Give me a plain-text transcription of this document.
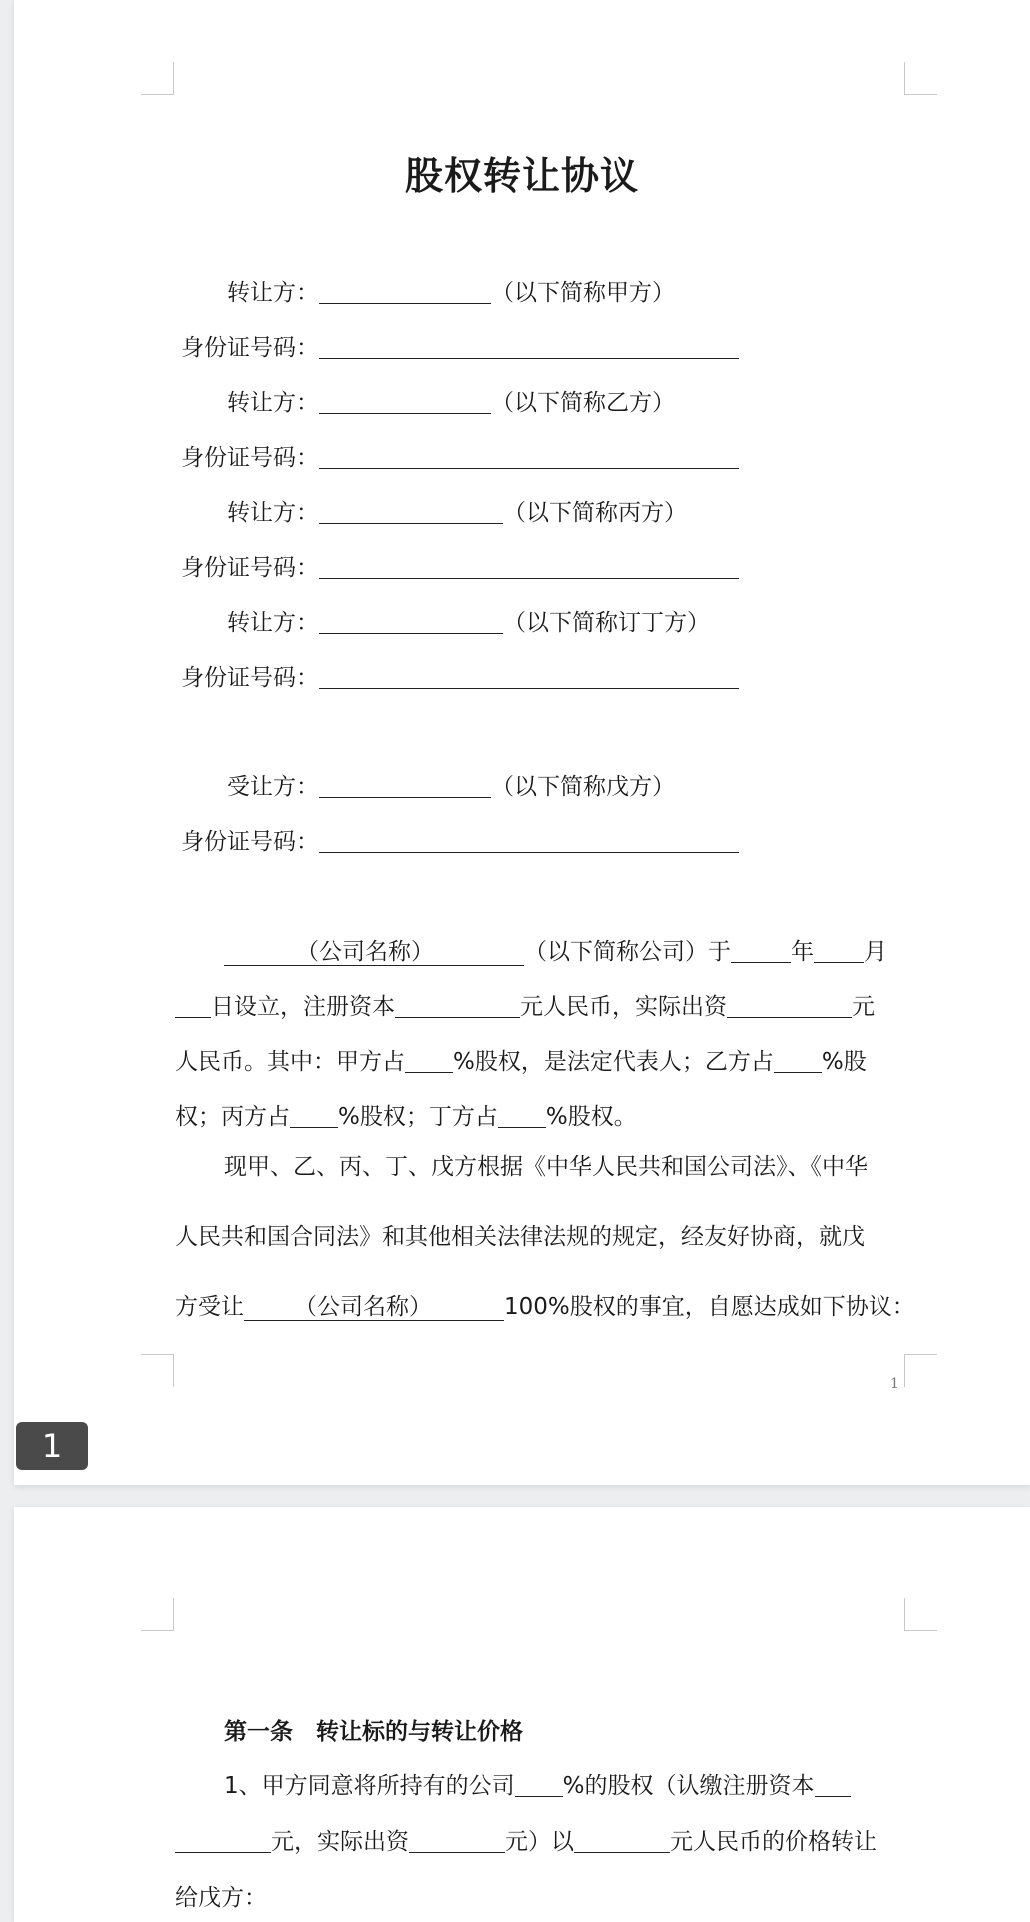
股权转让协议
转让方：	（以下简称甲方）
身份证号码：
转让方：	（以下简称乙方）
身份证号码：
转让方：	（以下简称丙方）
身份证号码：
转让方：	（以下简称订丁方）
身份证号码：
受让方：	（以下简称戊方）
身份证号码：
（公司名称）	（以下简称公司）于	年 月
日设立，注册资本	元人民币，实际出资	元
人民币。其中：甲方占 %股权，是法定代表人；乙方占 %股
权；丙方占 %股权；丁方占 %股权。
现甲、乙、丙、丁、戊方根据《中华人民共和国公司法》、《中华
人民共和国合同法》和其他相关法律法规的规定，经友好协商，就戊
方受让 （公司名称）	100%股权的事宜，自愿达成如下协议：
1
1
第一条　转让标的与转让价格
1、甲方同意将所持有的公司 %的股权（认缴注册资本
元，实际出资	元）以	元人民币的价格转让
给戊方：
